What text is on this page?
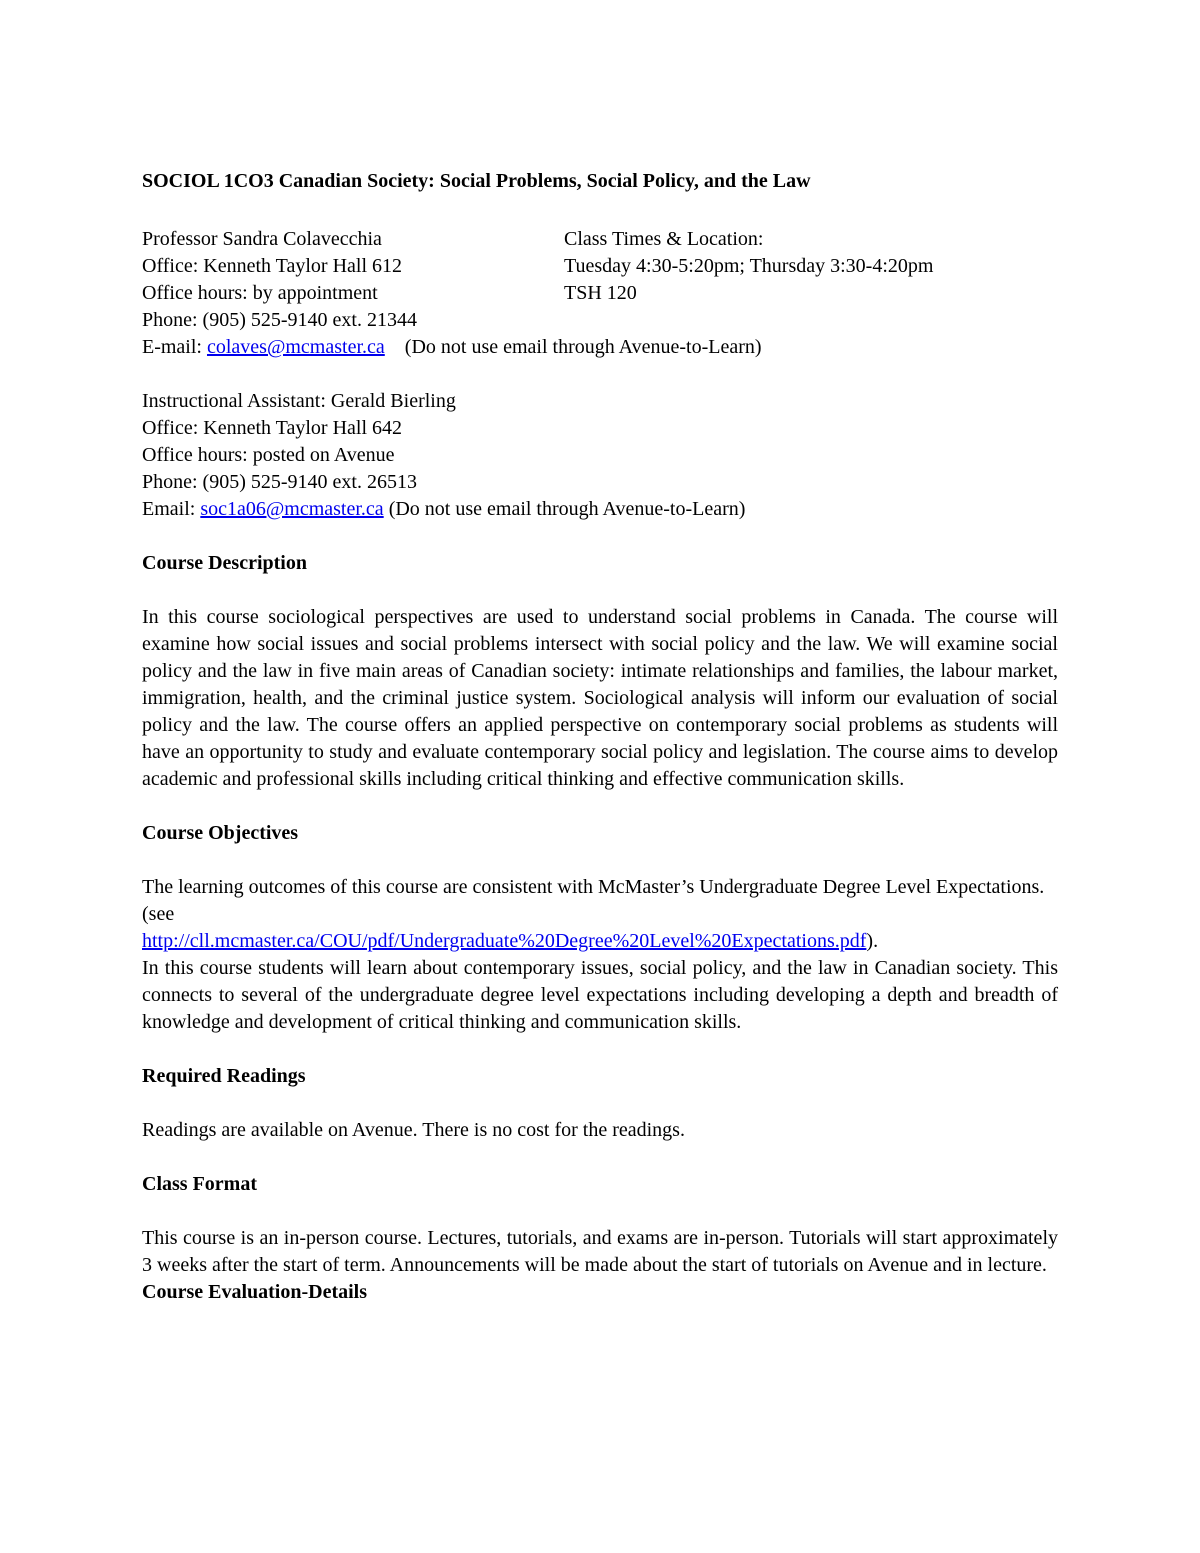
SOCIOL 1CO3 Canadian Society: Social Problems, Social Policy, and the Law
Professor Sandra Colavecchia	Class Times & Location:
Office: Kenneth Taylor Hall 612	Tuesday 4:30-5:20pm; Thursday 3:30-4:20pm
Office hours: by appointment	TSH 120
Phone: (905) 525-9140 ext. 21344
E-mail: colaves@mcmaster.ca (Do not use email through Avenue-to-Learn)
Instructional Assistant: Gerald Bierling
Office: Kenneth Taylor Hall 642
Office hours: posted on Avenue
Phone: (905) 525-9140 ext. 26513
Email: soc1a06@mcmaster.ca (Do not use email through Avenue-to-Learn)
Course Description

In this course sociological perspectives are used to understand social problems in Canada. The course will examine how social issues and social problems intersect with social policy and the law. We will examine social policy and the law in five main areas of Canadian society: intimate relationships and families, the labour market, immigration, health, and the criminal justice system. Sociological analysis will inform our evaluation of social policy and the law. The course offers an applied perspective on contemporary social problems as students will have an opportunity to study and evaluate contemporary social policy and legislation. The course aims to develop academic and professional skills including critical thinking and effective communication skills.

Course Objectives

The learning outcomes of this course are consistent with McMaster’s Undergraduate Degree Level Expectations. (see

http://cll.mcmaster.ca/COU/pdf/Undergraduate%20Degree%20Level%20Expectations.pdf).

In this course students will learn about contemporary issues, social policy, and the law in Canadian society. This connects to several of the undergraduate degree level expectations including developing a depth and breadth of knowledge and development of critical thinking and communication skills.

Required Readings
Readings are available on Avenue. There is no cost for the readings.
Class Format

This course is an in-person course. Lectures, tutorials, and exams are in-person. Tutorials will start approximately 3 weeks after the start of term. Announcements will be made about the start of tutorials on Avenue and in lecture.

Course Evaluation-Details
